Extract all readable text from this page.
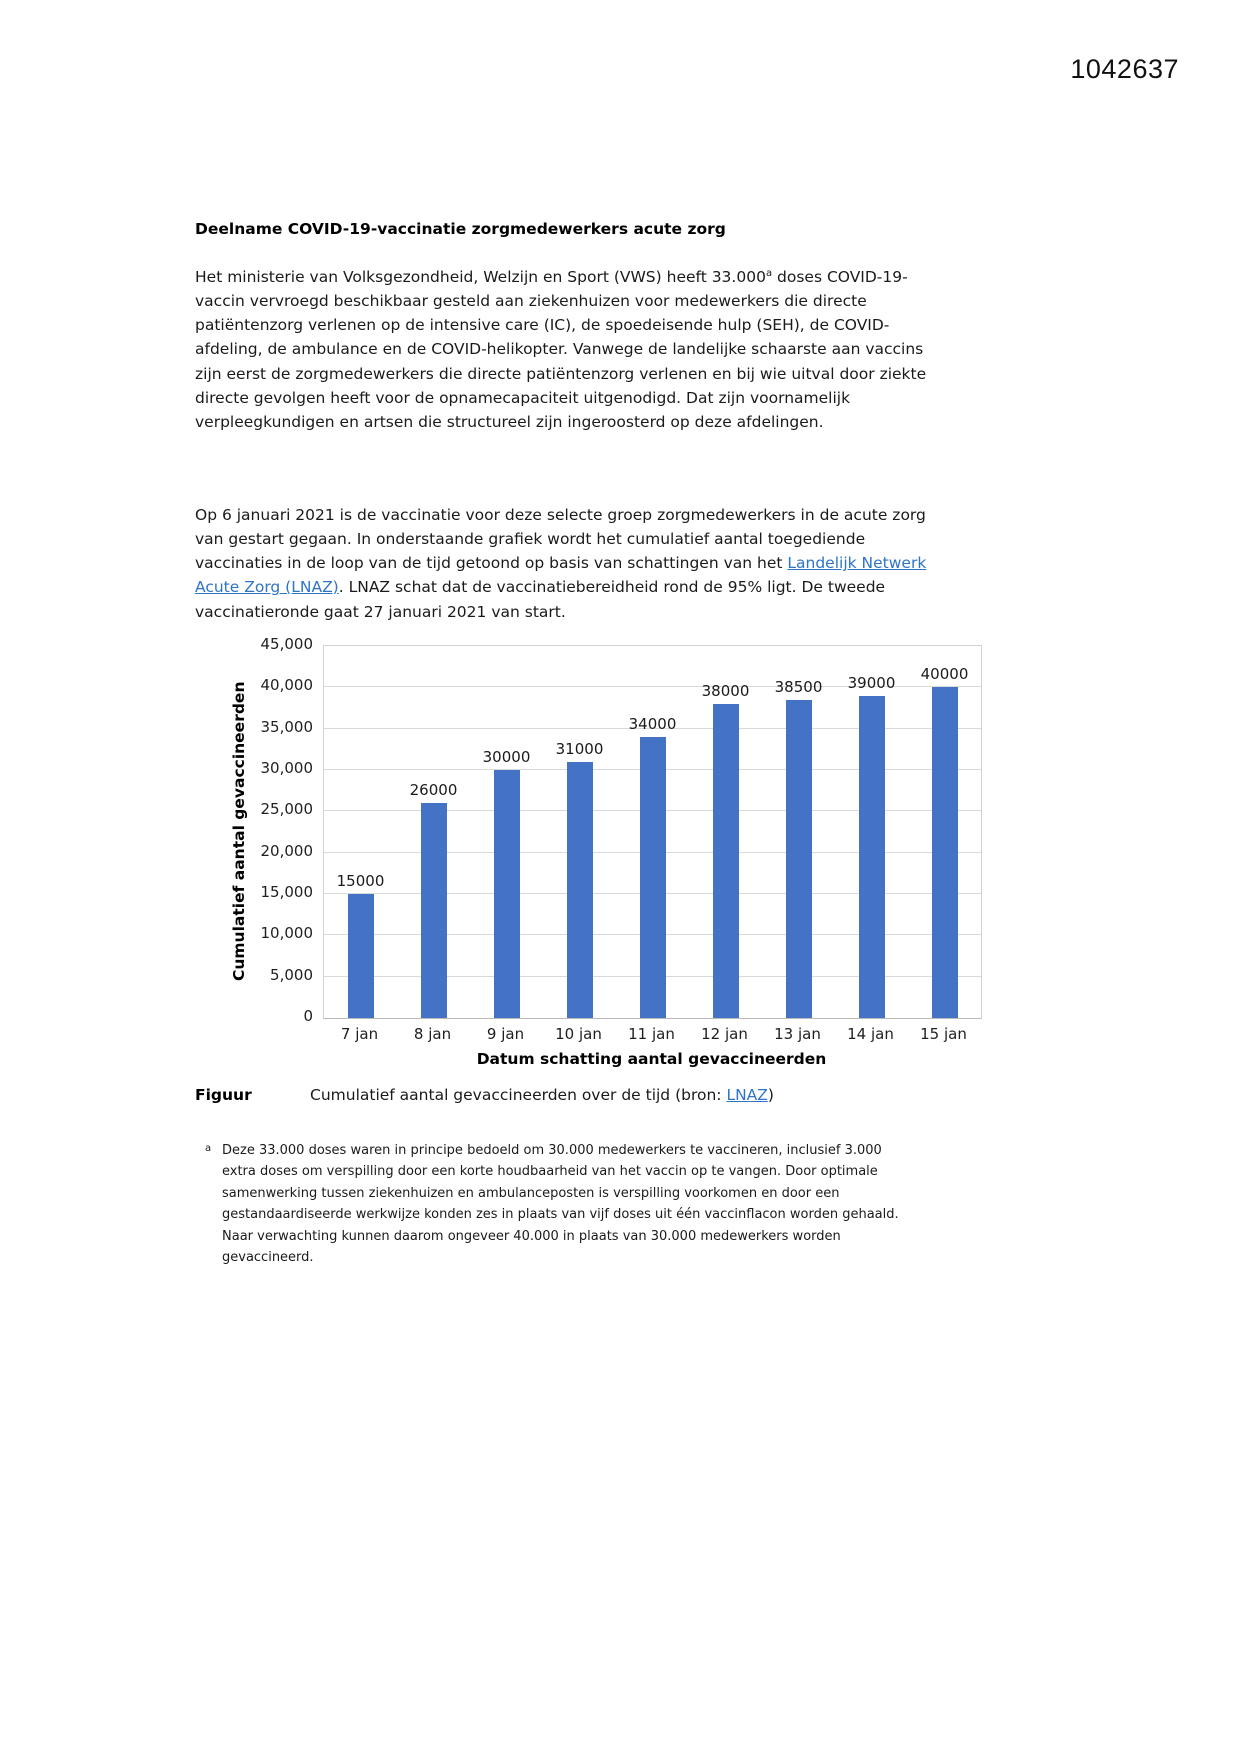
1042637
Deelname COVID-19-vaccinatie zorgmedewerkers acute zorg

Het ministerie van Volksgezondheid, Welzijn en Sport (VWS) heeft 33.000$^a$ doses COVID-19-vaccin vervroegd beschikbaar gesteld aan ziekenhuizen voor medewerkers die directe patiëntenzorg verlenen op de intensive care (IC), de spoedeisende hulp (SEH), de COVID-afdeling, de ambulance en de COVID-helikopter. Vanwege de landelijke schaarste aan vaccins zijn eerst de zorgmedewerkers die directe patiëntenzorg verlenen en bij wie uitval door ziekte directe gevolgen heeft voor de opnamecapaciteit uitgenodigd. Dat zijn voornamelijk verpleegkundigen en artsen die structureel zijn ingeroosterd op deze afdelingen.

Op 6 januari 2021 is de vaccinatie voor deze selecte groep zorgmedewerkers in de acute zorg van gestart gegaan. In onderstaande grafiek wordt het cumulatief aantal toegediende vaccinaties in de loop van de tijd getoond op basis van schattingen van het Landelijk Netwerk Acute Zorg (LNAZ). LNAZ schat dat de vaccinatiebereidheid rond de 95% ligt. De tweede vaccinatieronde gaat 27 januari 2021 van start.

Cumulatief aantal gevaccineerden	15000
26000
30000 31000
34000
38000 38500 39000 40000
0
5,000
10,000
15,000
20,000
25,000
30,000
35,000
40,000
45,000
7 jan	8 jan	9 jan	10 jan	11 jan	12 jan	13 jan	14 jan	15 jan
Datum schatting aantal gevaccineerden
Figuur	Cumulatief aantal gevaccineerden over de tijd (bron: LNAZ)
a Deze 33.000 doses waren in principe bedoeld om 30.000 medewerkers te vaccineren, inclusief 3.000 extra doses om verspilling door een korte houdbaarheid van het vaccin op te vangen. Door optimale samenwerking tussen ziekenhuizen en ambulanceposten is verspilling voorkomen en door een gestandaardiseerde werkwijze konden zes in plaats van vijf doses uit één vaccinflacon worden gehaald. Naar verwachting kunnen daarom ongeveer 40.000 in plaats van 30.000 medewerkers worden gevaccineerd.
